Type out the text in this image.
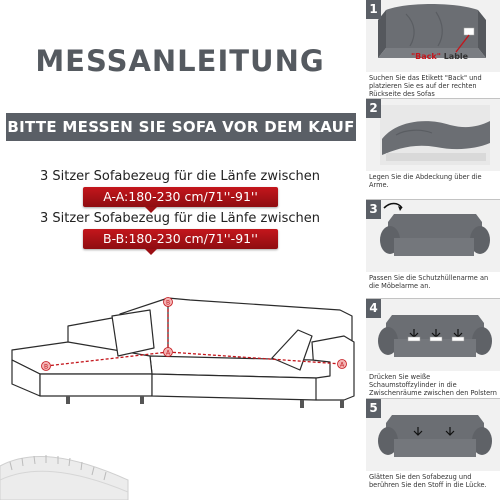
MESSANLEITUNG
BITTE MESSEN SIE SOFA VOR DEM KAUF
3 Sitzer Sofabezeug für die Länfe zwischen
A-A:180-230 cm/71''-91''
3 Sitzer Sofabezeug für die Länfe zwischen
B-B:180-230 cm/71''-91''
B
B
A
A
1
"Back" Lable
Suchen Sie das Etikett "Back" und platzieren Sie es auf der rechten Rückseite des Sofas
2
Legen Sie die Abdeckung über die Arme.
3
Passen Sie die Schutzhüllenarme an die Möbelarme an.
4
Drücken Sie weiße Schaumstoffzylinder in die Zwischenräume zwischen den Polstern
5
Glätten Sie den Sofabezug und berühren Sie den Stoff in die Lücke.
